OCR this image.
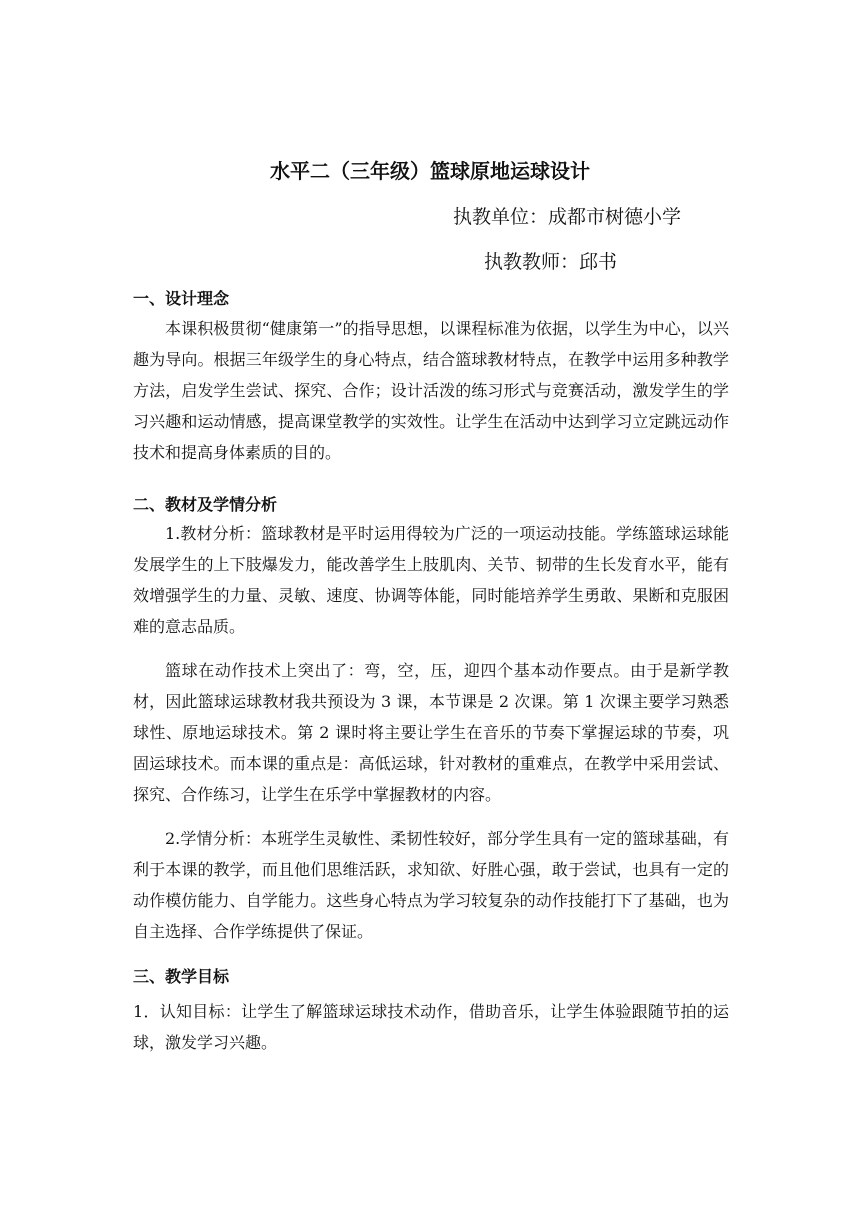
水平二（三年级）篮球原地运球设计
执教单位：成都市树德小学
执教教师：邱书
一、设计理念

本课积极贯彻“健康第一”的指导思想，以课程标准为依据，以学生为中心，以兴趣为导向。根据三年级学生的身心特点，结合篮球教材特点，在教学中运用多种教学方法，启发学生尝试、探究、合作；设计活泼的练习形式与竞赛活动，激发学生的学习兴趣和运动情感，提高课堂教学的实效性。让学生在活动中达到学习立定跳远动作技术和提高身体素质的目的。

二、教材及学情分析

1.教材分析：篮球教材是平时运用得较为广泛的一项运动技能。学练篮球运球能发展学生的上下肢爆发力，能改善学生上肢肌肉、关节、韧带的生长发育水平，能有效增强学生的力量、灵敏、速度、协调等体能，同时能培养学生勇敢、果断和克服困难的意志品质。

篮球在动作技术上突出了：弯，空，压，迎四个基本动作要点。由于是新学教材，因此篮球运球教材我共预设为 3 课，本节课是 2 次课。第 1 次课主要学习熟悉球性、原地运球技术。第 2 课时将主要让学生在音乐的节奏下掌握运球的节奏，巩固运球技术。而本课的重点是：高低运球，针对教材的重难点，在教学中采用尝试、探究、合作练习，让学生在乐学中掌握教材的内容。

2.学情分析：本班学生灵敏性、柔韧性较好，部分学生具有一定的篮球基础，有利于本课的教学，而且他们思维活跃，求知欲、好胜心强，敢于尝试，也具有一定的动作模仿能力、自学能力。这些身心特点为学习较复杂的动作技能打下了基础，也为自主选择、合作学练提供了保证。

三、教学目标

1．认知目标：让学生了解篮球运球技术动作，借助音乐，让学生体验跟随节拍的运球，激发学习兴趣。
